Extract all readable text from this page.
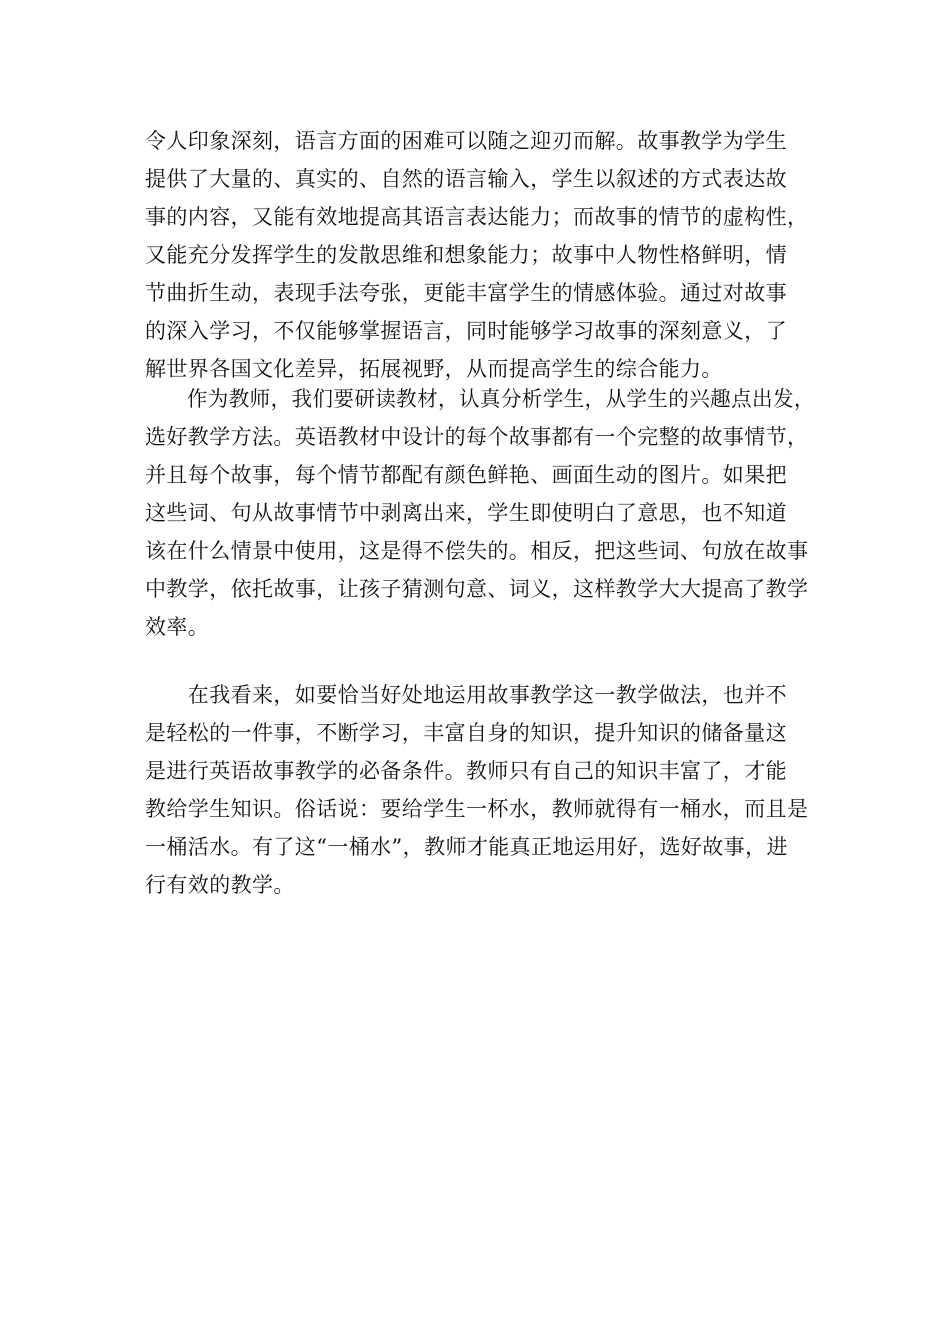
令人印象深刻，语言方面的困难可以随之迎刃而解。故事教学为学生
提供了大量的、真实的、自然的语言输入，学生以叙述的方式表达故
事的内容，又能有效地提高其语言表达能力；而故事的情节的虚构性，
又能充分发挥学生的发散思维和想象能力；故事中人物性格鲜明，情
节曲折生动，表现手法夸张，更能丰富学生的情感体验。通过对故事
的深入学习，不仅能够掌握语言，同时能够学习故事的深刻意义，了
解世界各国文化差异，拓展视野，从而提高学生的综合能力。
　　作为教师，我们要研读教材，认真分析学生，从学生的兴趣点出发，
选好教学方法。英语教材中设计的每个故事都有一个完整的故事情节，
并且每个故事，每个情节都配有颜色鲜艳、画面生动的图片。如果把
这些词、句从故事情节中剥离出来，学生即使明白了意思，也不知道
该在什么情景中使用，这是得不偿失的。相反，把这些词、句放在故事
中教学，依托故事，让孩子猜测句意、词义，这样教学大大提高了教学
效率。
　　在我看来，如要恰当好处地运用故事教学这一教学做法，也并不
是轻松的一件事，不断学习，丰富自身的知识，提升知识的储备量这
是进行英语故事教学的必备条件。教师只有自己的知识丰富了，才能
教给学生知识。俗话说：要给学生一杯水，教师就得有一桶水，而且是
一桶活水。有了这“一桶水”，教师才能真正地运用好，选好故事，进
行有效的教学。
